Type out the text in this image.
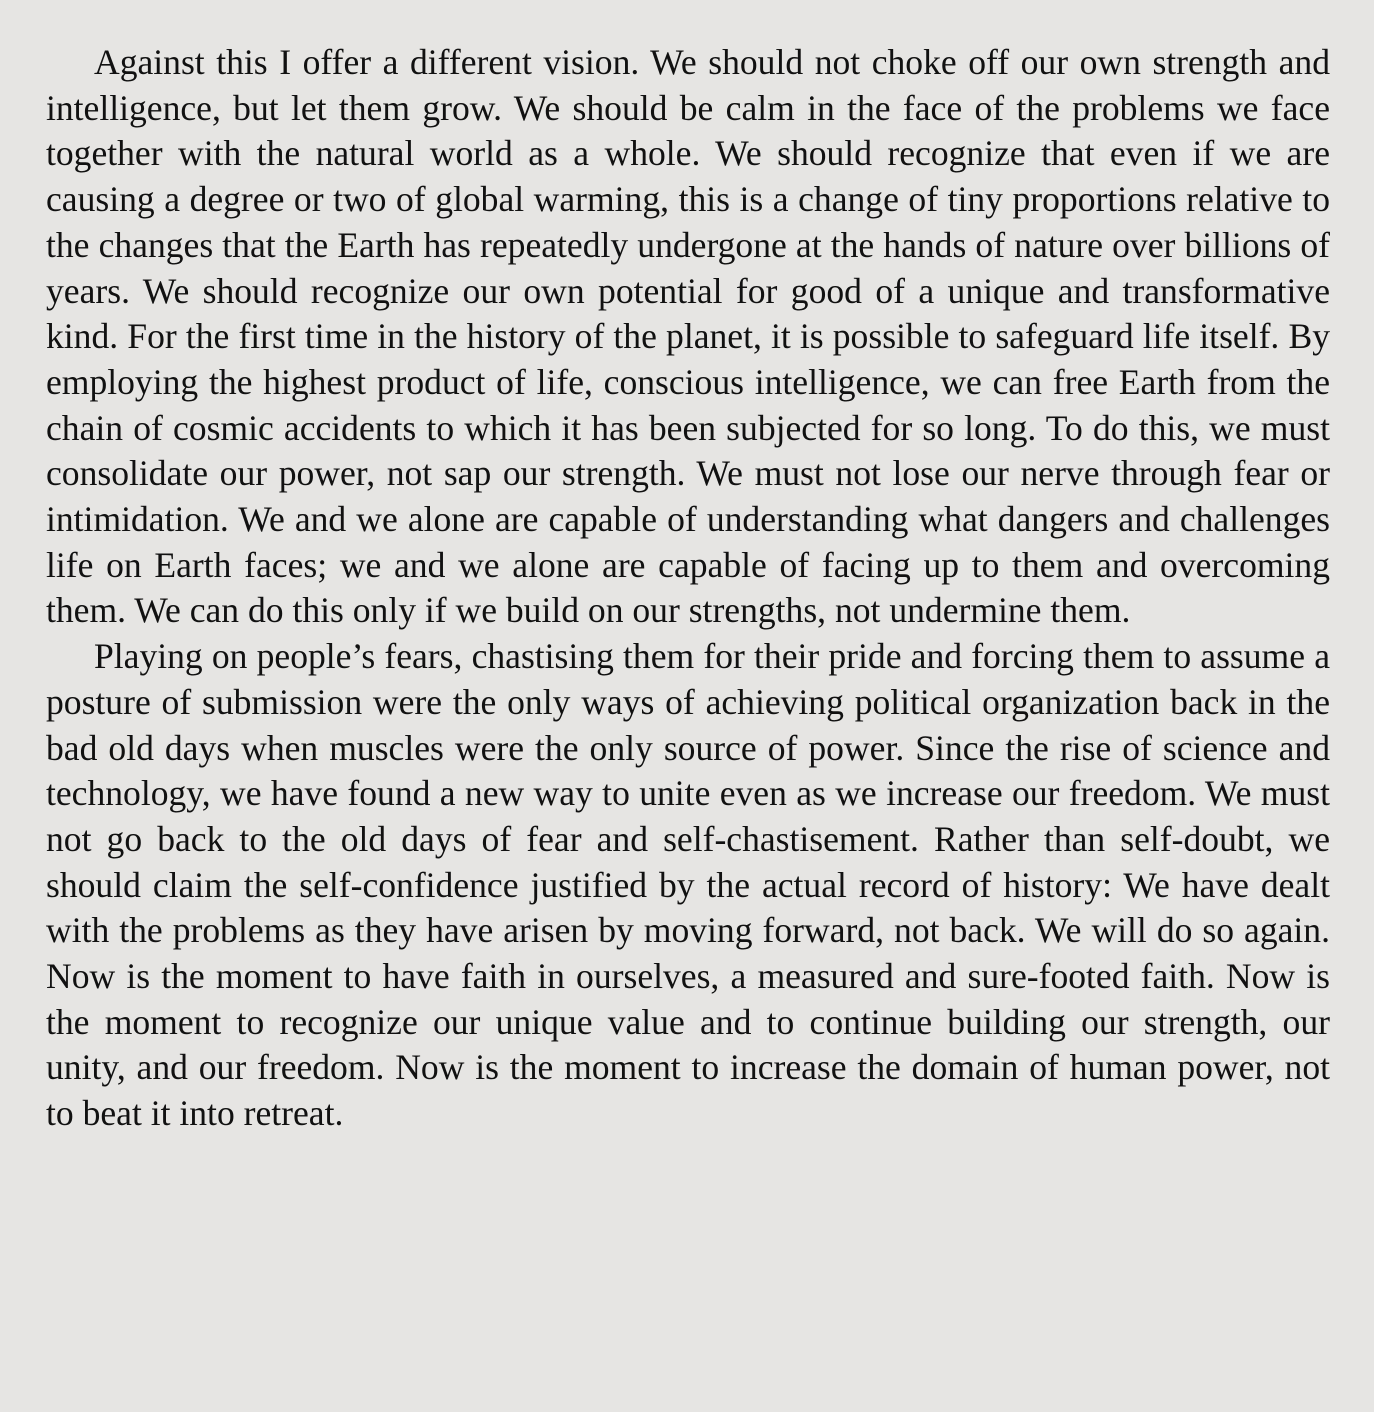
Against this I offer a different vision. We should not choke off our own strength and intelligence, but let them grow. We should be calm in the face of the problems we face together with the natural world as a whole. We should recognize that even if we are causing a degree or two of global warming, this is a change of tiny proportions relative to the changes that the Earth has repeatedly undergone at the hands of nature over billions of years. We should recognize our own potential for good of a unique and transformative kind. For the first time in the history of the planet, it is possible to safeguard life itself. By employing the highest product of life, conscious intelligence, we can free Earth from the chain of cosmic accidents to which it has been subjected for so long. To do this, we must consolidate our power, not sap our strength. We must not lose our nerve through fear or intimidation. We and we alone are capable of understanding what dangers and challenges life on Earth faces; we and we alone are capable of facing up to them and overcoming them. We can do this only if we build on our strengths, not undermine them.

Playing on people’s fears, chastising them for their pride and forcing them to assume a posture of submission were the only ways of achieving political organization back in the bad old days when muscles were the only source of power. Since the rise of science and technology, we have found a new way to unite even as we increase our freedom. We must not go back to the old days of fear and self-chastisement. Rather than self-doubt, we should claim the self-confidence justified by the actual record of history: We have dealt with the problems as they have arisen by moving forward, not back. We will do so again. Now is the moment to have faith in ourselves, a measured and sure-footed faith. Now is the moment to recognize our unique value and to continue building our strength, our unity, and our freedom. Now is the moment to increase the domain of human power, not to beat it into retreat.
